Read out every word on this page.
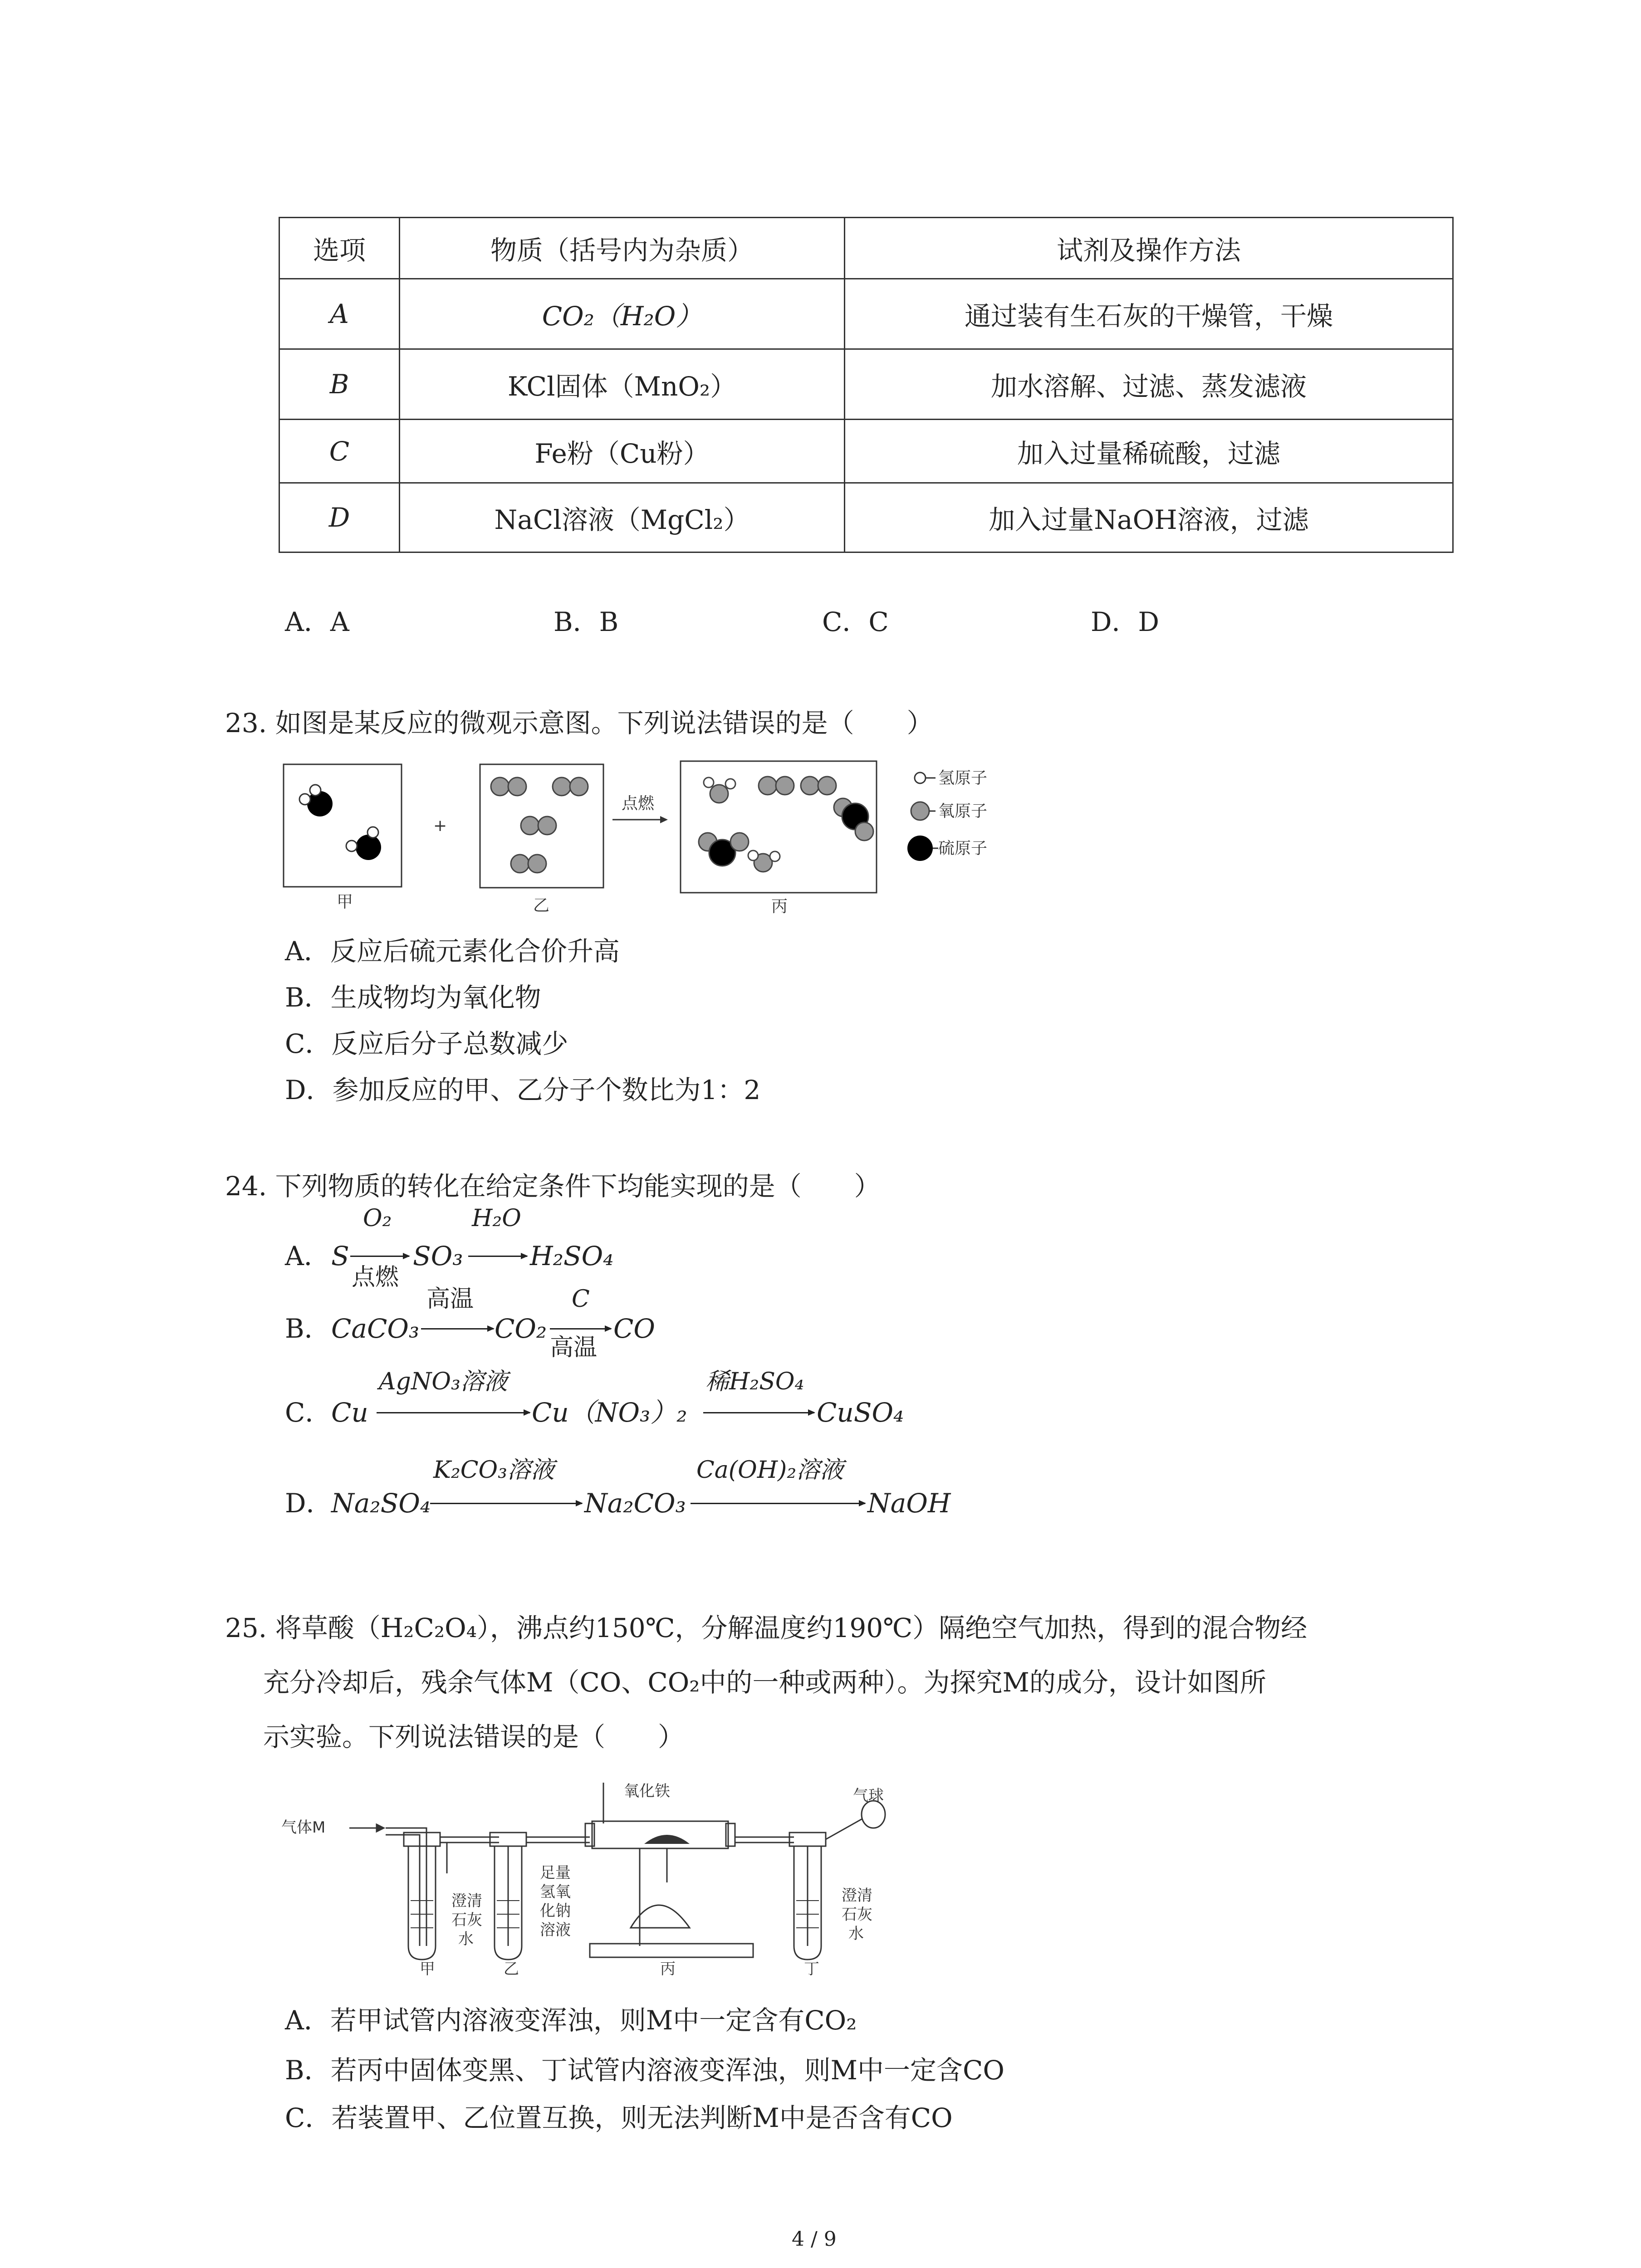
选项	物质（括号内为杂质）	试剂及操作方法
A	CO₂（H₂O）	通过装有生石灰的干燥管，干燥
B	KCl固体（MnO₂）	加水溶解、过滤、蒸发滤液
C	Fe粉（Cu粉）	加入过量稀硫酸，过滤
D	NaCl溶液（MgCl₂）	加入过量NaOH溶液，过滤
A．A	B．B	C．C	D．D
23. 如图是某反应的微观示意图。下列说法错误的是（　　）
+
点燃
氢原子
氧原子
硫原子
甲	乙	丙
A．反应后硫元素化合价升高
B．生成物均为氧化物
C．反应后分子总数减少
D．参加反应的甲、乙分子个数比为1：2
24. 下列物质的转化在给定条件下均能实现的是（　　）
A． S
O₂
点燃
SO₃
H₂O
H₂SO₄
B． CaCO₃
高温
CO₂
C
高温
CO
C． Cu
AgNO₃溶液
Cu（NO₃）₂
稀H₂SO₄
CuSO₄
D．
Na₂SO₄
K₂CO₃溶液
Na₂CO₃
Ca(OH)₂溶液
NaOH
25. 将草酸（H₂C₂O₄），沸点约150℃，分解温度约190℃）隔绝空气加热，得到的混合物经
充分冷却后，残余气体M（CO、CO₂中的一种或两种）。为探究M的成分，设计如图所
示实验。下列说法错误的是（　　）
气体M
氧化铁	气球
澄清
石灰
水
足量
氢氧
化钠
溶液
澄清
石灰
水
甲	乙	丙	丁
A．若甲试管内溶液变浑浊，则M中一定含有CO₂
B．若丙中固体变黑、丁试管内溶液变浑浊，则M中一定含CO
C．若装置甲、乙位置互换，则无法判断M中是否含有CO
4 / 9
